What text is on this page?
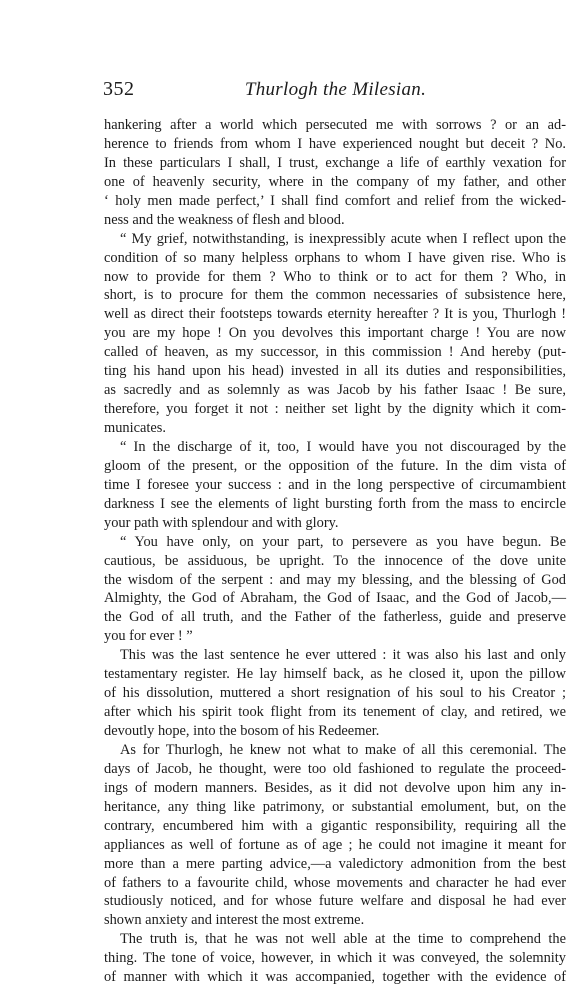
352	Thurlogh the Milesian.
hankering after a world which persecuted me with sorrows ? or an ad-
herence to friends from whom I have experienced nought but deceit ? No.
In these particulars I shall, I trust, exchange a life of earthly vexation for
one of heavenly security, where in the company of my father, and other
‘ holy men made perfect,’ I shall find comfort and relief from the wicked-
ness and the weakness of flesh and blood.
“ My grief, notwithstanding, is inexpressibly acute when I reflect upon the
condition of so many helpless orphans to whom I have given rise. Who is
now to provide for them ? Who to think or to act for them ? Who, in
short, is to procure for them the common necessaries of subsistence here,
well as direct their footsteps towards eternity hereafter ? It is you, Thurlogh !
you are my hope ! On you devolves this important charge ! You are now
called of heaven, as my successor, in this commission ! And hereby (put-
ting his hand upon his head) invested in all its duties and responsibilities,
as sacredly and as solemnly as was Jacob by his father Isaac ! Be sure,
therefore, you forget it not : neither set light by the dignity which it com-
municates.
“ In the discharge of it, too, I would have you not discouraged by the
gloom of the present, or the opposition of the future. In the dim vista of
time I foresee your success : and in the long perspective of circumambient
darkness I see the elements of light bursting forth from the mass to encircle
your path with splendour and with glory.
“ You have only, on your part, to persevere as you have begun. Be
cautious, be assiduous, be upright. To the innocence of the dove unite
the wisdom of the serpent : and may my blessing, and the blessing of God
Almighty, the God of Abraham, the God of Isaac, and the God of Jacob,—
the God of all truth, and the Father of the fatherless, guide and preserve
you for ever ! ”
This was the last sentence he ever uttered : it was also his last and only
testamentary register. He lay himself back, as he closed it, upon the pillow
of his dissolution, muttered a short resignation of his soul to his Creator ;
after which his spirit took flight from its tenement of clay, and retired, we
devoutly hope, into the bosom of his Redeemer.
As for Thurlogh, he knew not what to make of all this ceremonial. The
days of Jacob, he thought, were too old fashioned to regulate the proceed-
ings of modern manners. Besides, as it did not devolve upon him any in-
heritance, any thing like patrimony, or substantial emolument, but, on the
contrary, encumbered him with a gigantic responsibility, requiring all the
appliances as well of fortune as of age ; he could not imagine it meant for
more than a mere parting advice,—a valedictory admonition from the best
of fathers to a favourite child, whose movements and character he had ever
studiously noticed, and for whose future welfare and disposal he had ever
shown anxiety and interest the most extreme.
The truth is, that he was not well able at the time to comprehend the
thing. The tone of voice, however, in which it was conveyed, the solemnity
of manner with which it was accompanied, together with the evidence of
